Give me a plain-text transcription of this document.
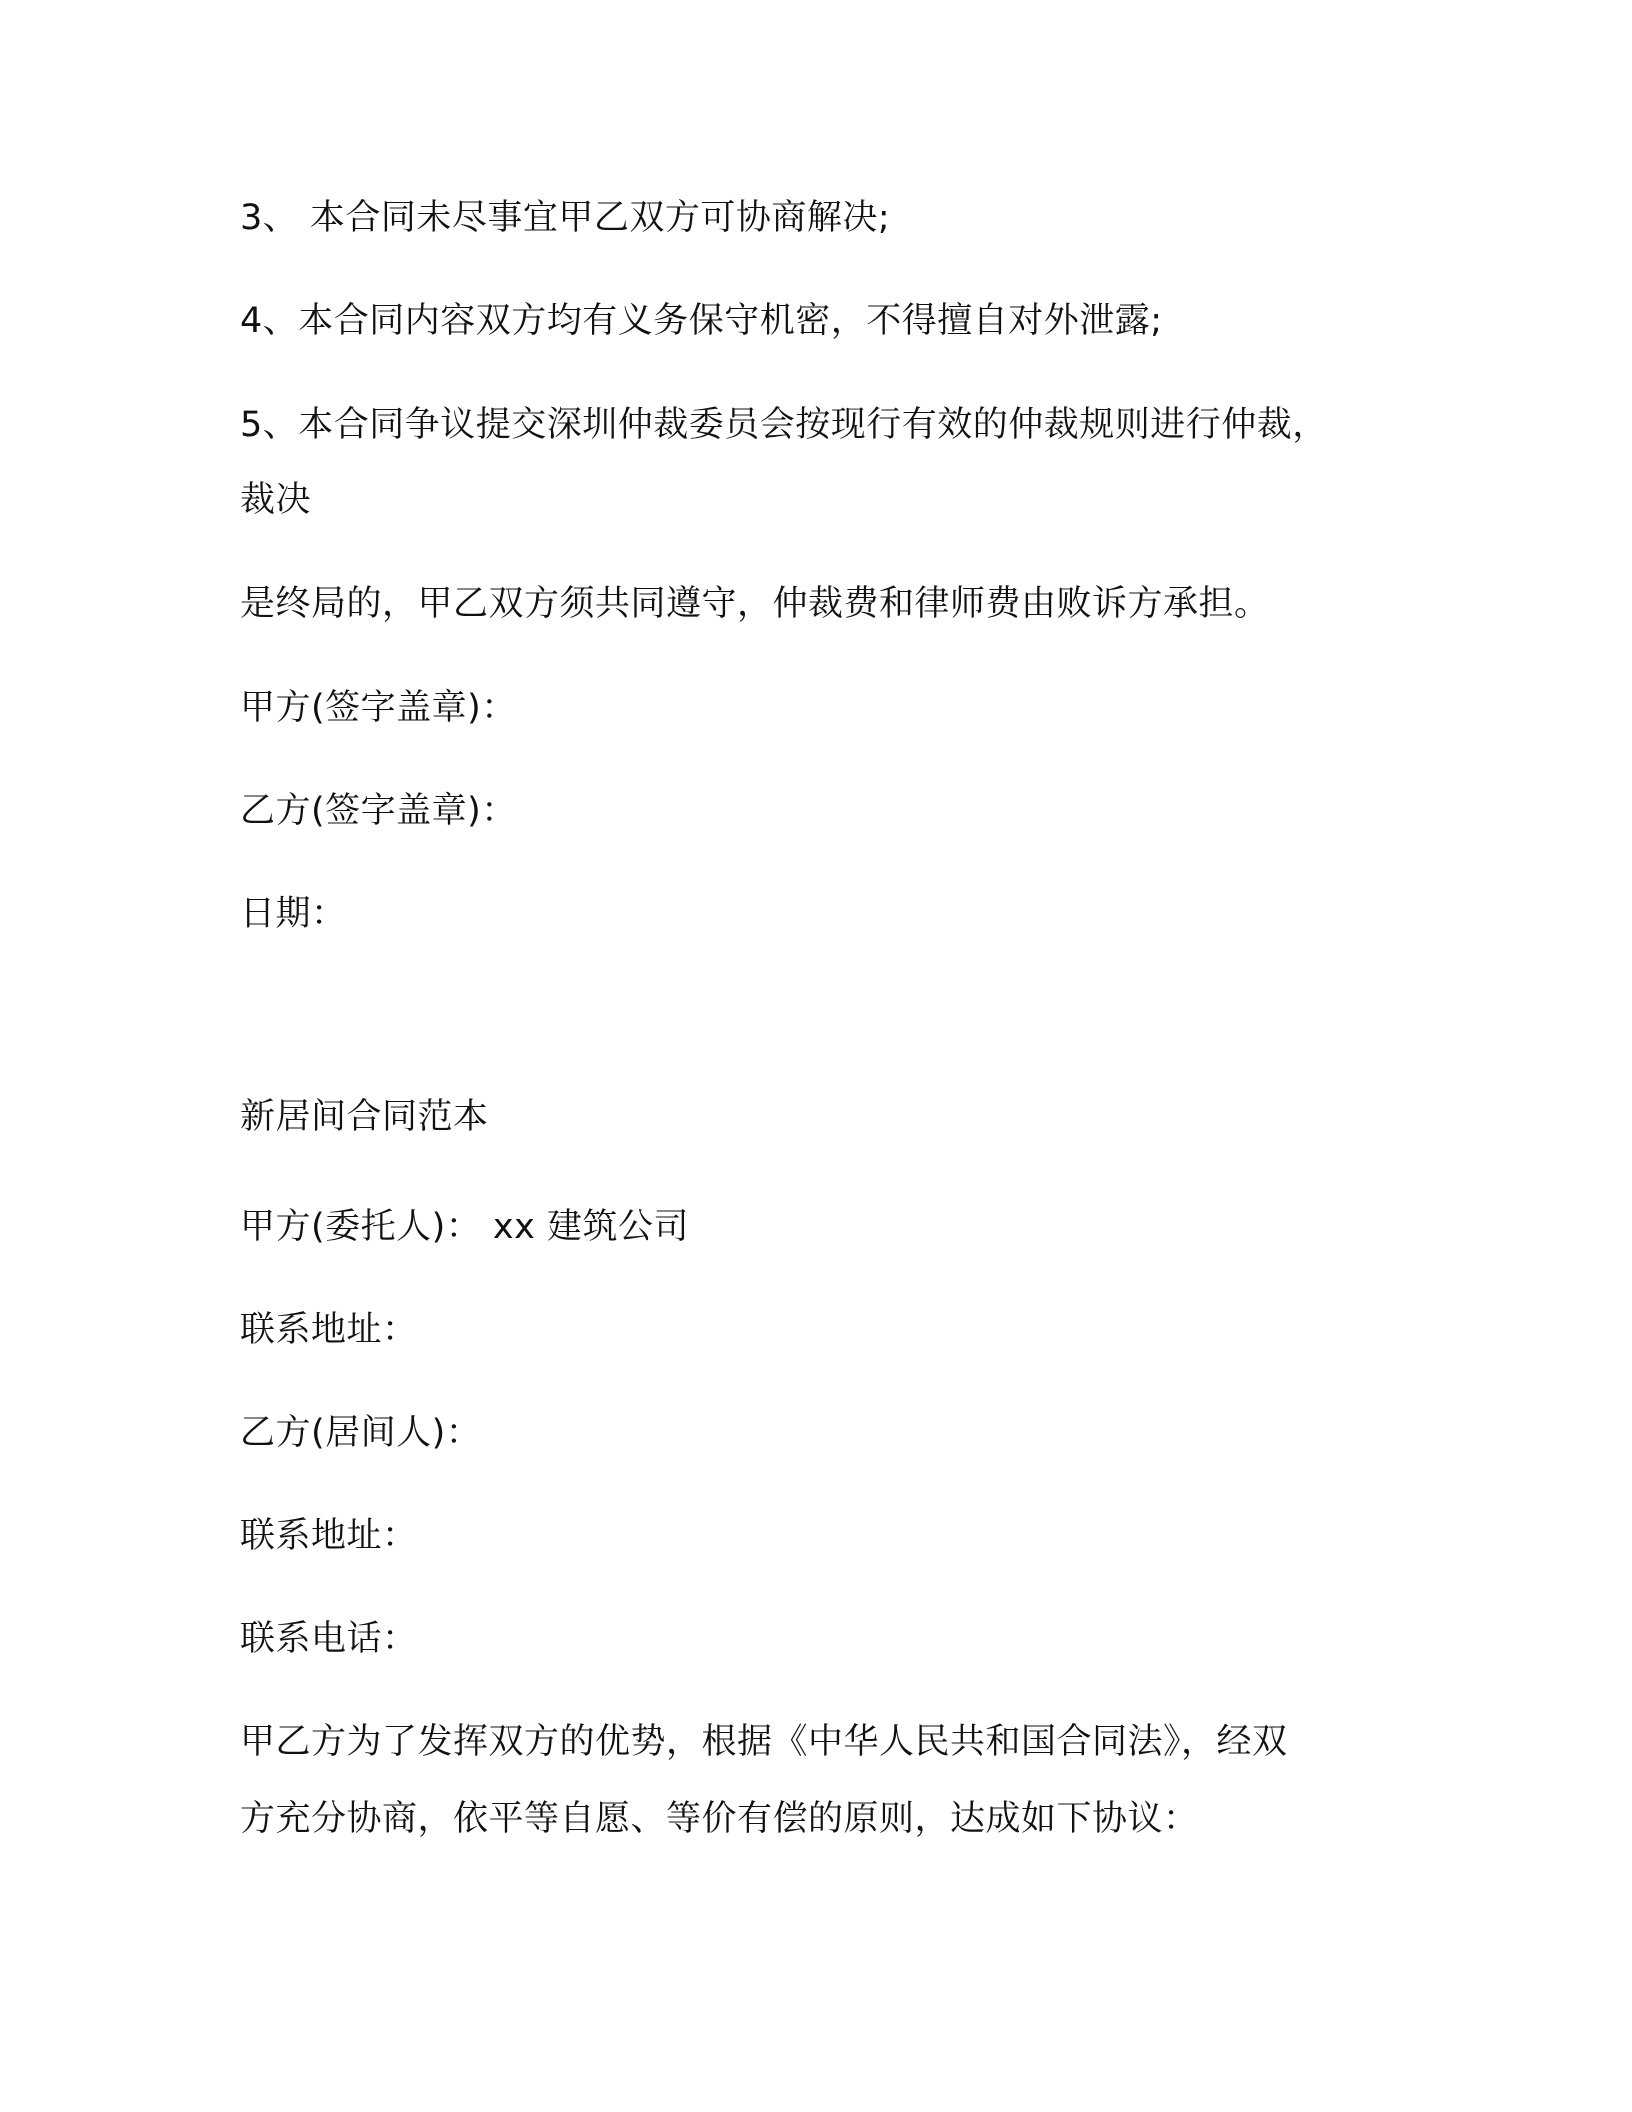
3、 本合同未尽事宜甲乙双方可协商解决;
4、本合同内容双方均有义务保守机密，不得擅自对外泄露;
5、本合同争议提交深圳仲裁委员会按现行有效的仲裁规则进行仲裁，
裁决
是终局的，甲乙双方须共同遵守，仲裁费和律师费由败诉方承担。
甲方(签字盖章)：
乙方(签字盖章)：
日期：
新居间合同范本
甲方(委托人)： xx 建筑公司
联系地址：
乙方(居间人)：
联系地址：
联系电话：
甲乙方为了发挥双方的优势，根据《中华人民共和国合同法》，经双
方充分协商，依平等自愿、等价有偿的原则，达成如下协议：
